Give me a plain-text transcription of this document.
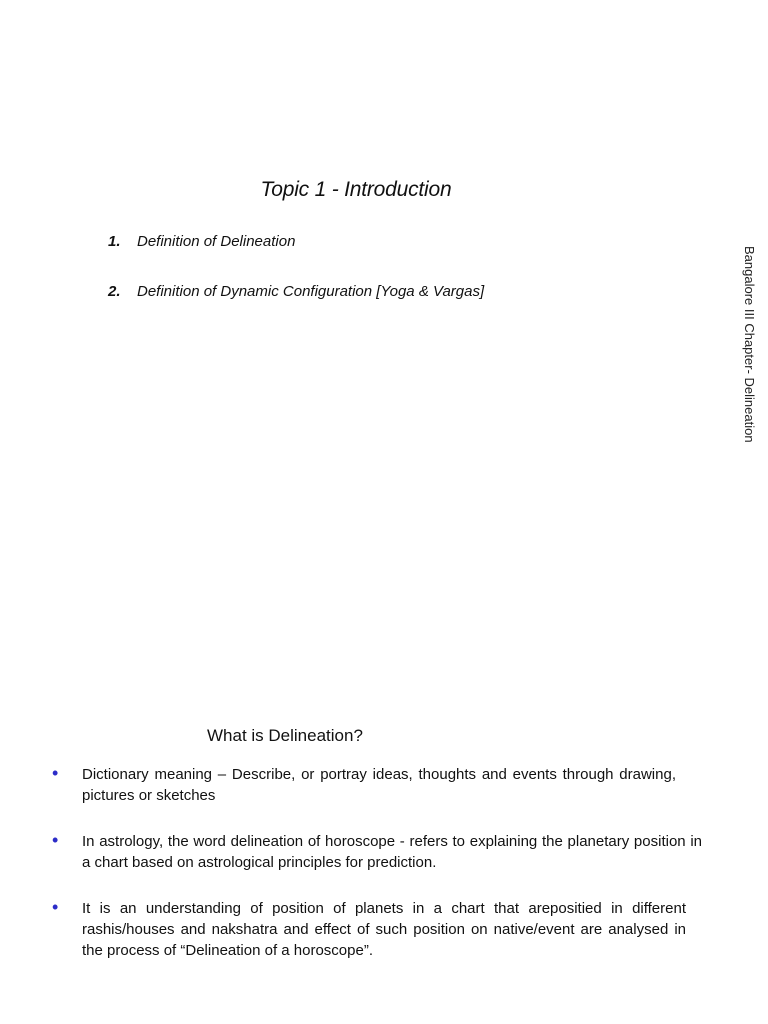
Topic 1 - Introduction
1.	Definition of Delineation
2.	Definition of Dynamic Configuration [Yoga & Vargas]	Bangalore III Chapter- Delineation
What is Delineation?
• Dictionary meaning – Describe, or portray ideas, thoughts and events through drawing, pictures or sketches
• In astrology, the word delineation of horoscope - refers to explaining the planetary position in a chart based on astrological principles for prediction.
• It is an understanding of position of planets in a chart that arepositied in different rashis/houses and nakshatra and effect of such position on native/event are analysed in the process of “Delineation of a horoscope”.
